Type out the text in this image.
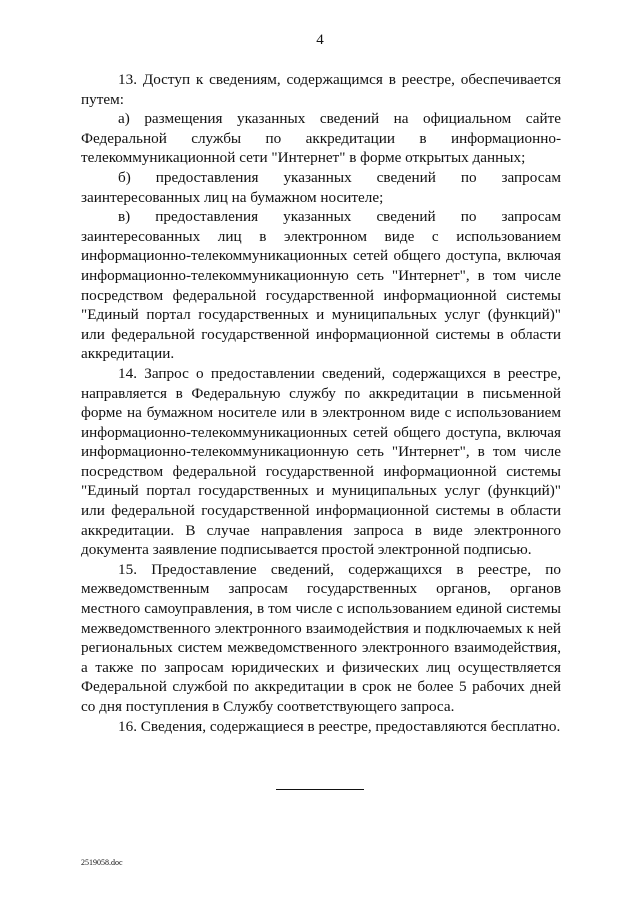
4

13. Доступ к сведениям, содержащимся в реестре, обеспечивается путем:

а) размещения указанных сведений на официальном сайте Федеральной службы по аккредитации в информационно-телекоммуникационной сети "Интернет" в форме открытых данных;

б) предоставления указанных сведений по запросам заинтересованных лиц на бумажном носителе;

в) предоставления указанных сведений по запросам заинтересованных лиц в электронном виде с использованием информационно-телекоммуникационных сетей общего доступа, включая информационно-телекоммуникационную сеть "Интернет", в том числе посредством федеральной государственной информационной системы "Единый портал государственных и муниципальных услуг (функций)" или федеральной государственной информационной системы в области аккредитации.

14. Запрос о предоставлении сведений, содержащихся в реестре, направляется в Федеральную службу по аккредитации в письменной форме на бумажном носителе или в электронном виде с использованием информационно-телекоммуникационных сетей общего доступа, включая информационно-телекоммуникационную сеть "Интернет", в том числе посредством федеральной государственной информационной системы "Единый портал государственных и муниципальных услуг (функций)" или федеральной государственной информационной системы в области аккредитации. В случае направления запроса в виде электронного документа заявление подписывается простой электронной подписью.

15. Предоставление сведений, содержащихся в реестре, по межведомственным запросам государственных органов, органов местного самоуправления, в том числе с использованием единой системы межведомственного электронного взаимодействия и подключаемых к ней региональных систем межведомственного электронного взаимодействия, а также по запросам юридических и физических лиц осуществляется Федеральной службой по аккредитации в срок не более 5 рабочих дней со дня поступления в Службу соответствующего запроса.

16. Сведения, содержащиеся в реестре, предоставляются бесплатно.

2519058.doc
